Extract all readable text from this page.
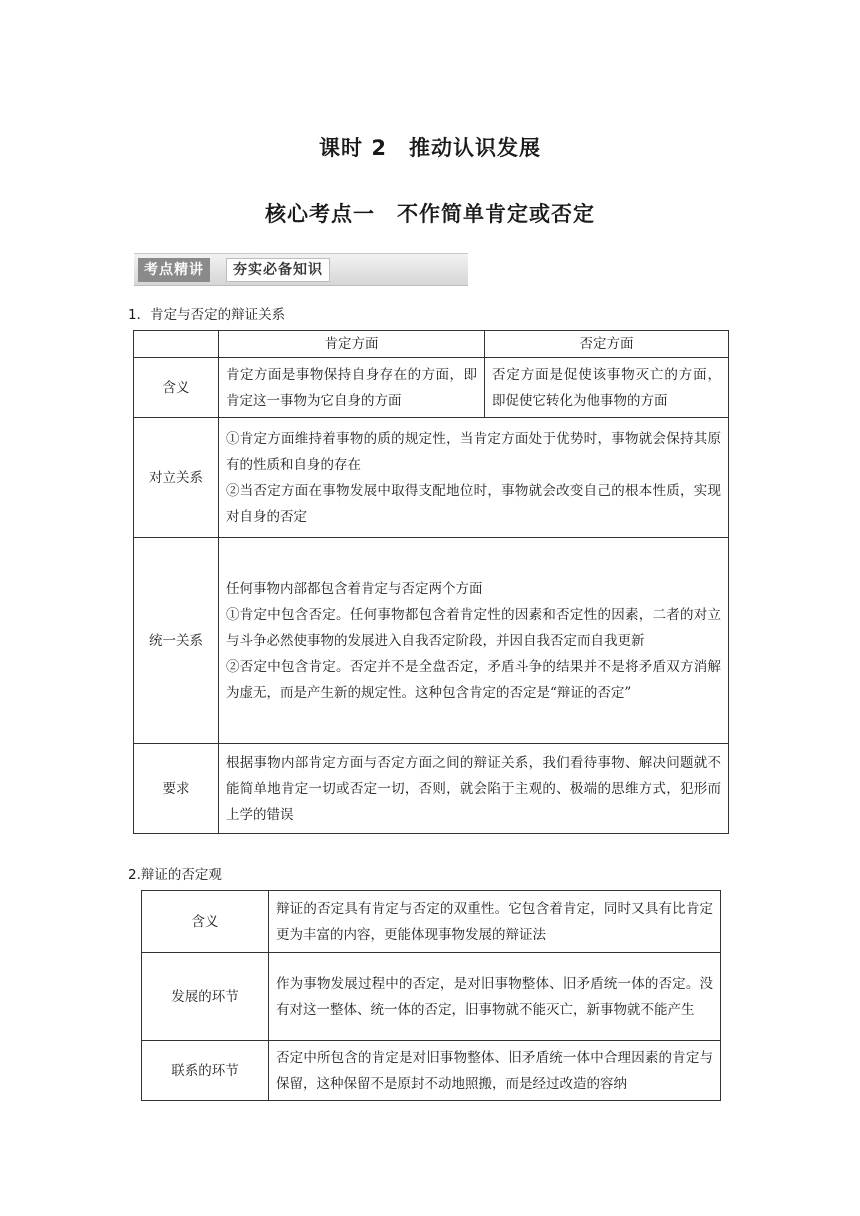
课时 2　推动认识发展
核心考点一　不作简单肯定或否定
考点精讲	夯实必备知识
1．肯定与否定的辩证关系
	肯定方面	否定方面
含义	肯定方面是事物保持自身存在的方面，即肯定这一事物为它自身的方面	否定方面是促使该事物灭亡的方面，即促使它转化为他事物的方面
对立关系	①肯定方面维持着事物的质的规定性，当肯定方面处于优势时，事物就会保持其原有的性质和自身的存在
②当否定方面在事物发展中取得支配地位时，事物就会改变自己的根本性质，实现对自身的否定	

统一关系	任何事物内部都包含着肯定与否定两个方面
①肯定中包含否定。任何事物都包含着肯定性的因素和否定性的因素，二者的对立与斗争必然使事物的发展进入自我否定阶段，并因自我否定而自我更新
②否定中包含肯定。否定并不是全盘否定，矛盾斗争的结果并不是将矛盾双方消解为虚无，而是产生新的规定性。这种包含肯定的否定是“辩证的否定”	

要求	根据事物内部肯定方面与否定方面之间的辩证关系，我们看待事物、解决问题就不能简单地肯定一切或否定一切，否则，就会陷于主观的、极端的思维方式，犯形而上学的错误	
2.辩证的否定观
含义	辩证的否定具有肯定与否定的双重性。它包含着肯定，同时又具有比肯定更为丰富的内容，更能体现事物发展的辩证法
发展的环节	作为事物发展过程中的否定，是对旧事物整体、旧矛盾统一体的否定。没有对这一整体、统一体的否定，旧事物就不能灭亡，新事物就不能产生
联系的环节	否定中所包含的肯定是对旧事物整体、旧矛盾统一体中合理因素的肯定与保留，这种保留不是原封不动地照搬，而是经过改造的容纳
